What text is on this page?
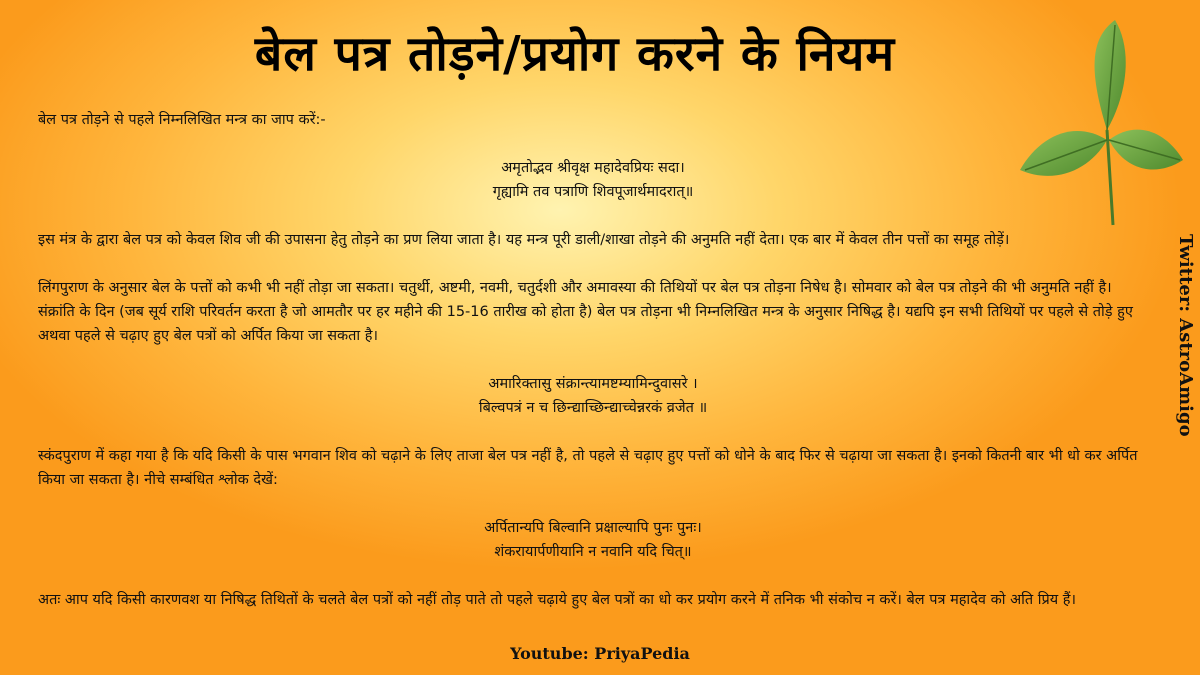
बेल पत्र तोड़ने/प्रयोग करने के नियम

बेल पत्र तोड़ने से पहले निम्नलिखित मन्त्र का जाप करें:-

अमृतोद्भव श्रीवृक्ष महादेवप्रियः सदा।

गृह्यामि तव पत्राणि शिवपूजार्थमादरात्॥

इस मंत्र के द्वारा बेल पत्र को केवल शिव जी की उपासना हेतु तोड़ने का प्रण लिया जाता है। यह मन्त्र पूरी डाली/शाखा तोड़ने की अनुमति नहीं देता। एक बार में केवल तीन पत्तों का समूह तोड़ें।

लिंगपुराण के अनुसार बेल के पत्तों को कभी भी नहीं तोड़ा जा सकता। चतुर्थी, अष्टमी, नवमी, चतुर्दशी और अमावस्या की तिथियों पर बेल पत्र तोड़ना निषेध है। सोमवार को बेल पत्र तोड़ने की भी अनुमति नहीं है। संक्रांति के दिन (जब सूर्य राशि परिवर्तन करता है जो आमतौर पर हर महीने की 15-16 तारीख को होता है) बेल पत्र तोड़ना भी निम्नलिखित मन्त्र के अनुसार निषिद्ध है। यद्यपि इन सभी तिथियों पर पहले से तोड़े हुए अथवा पहले से चढ़ाए हुए बेल पत्रों को अर्पित किया जा सकता है।

अमारिक्तासु संक्रान्त्यामष्टम्यामिन्दुवासरे ।

बिल्वपत्रं न च छिन्द्याच्छिन्द्याच्चेन्नरकं व्रजेत ॥

स्कंदपुराण में कहा गया है कि यदि किसी के पास भगवान शिव को चढ़ाने के लिए ताजा बेल पत्र नहीं है, तो पहले से चढ़ाए हुए पत्तों को धोने के बाद फिर से चढ़ाया जा सकता है। इनको कितनी बार भी धो कर अर्पित किया जा सकता है। नीचे सम्बंधित श्लोक देखें:

अर्पितान्यपि बिल्वानि प्रक्षाल्यापि पुनः पुनः।

शंकरायार्पणीयानि न नवानि यदि चित्॥

अतः आप यदि किसी कारणवश या निषिद्ध तिथितों के चलते बेल पत्रों को नहीं तोड़ पाते तो पहले चढ़ाये हुए बेल पत्रों का धो कर प्रयोग करने में तनिक भी संकोच न करें। बेल पत्र महादेव को अति प्रिय हैं।

Twitter: AstroAmigo
Youtube: PriyaPedia
